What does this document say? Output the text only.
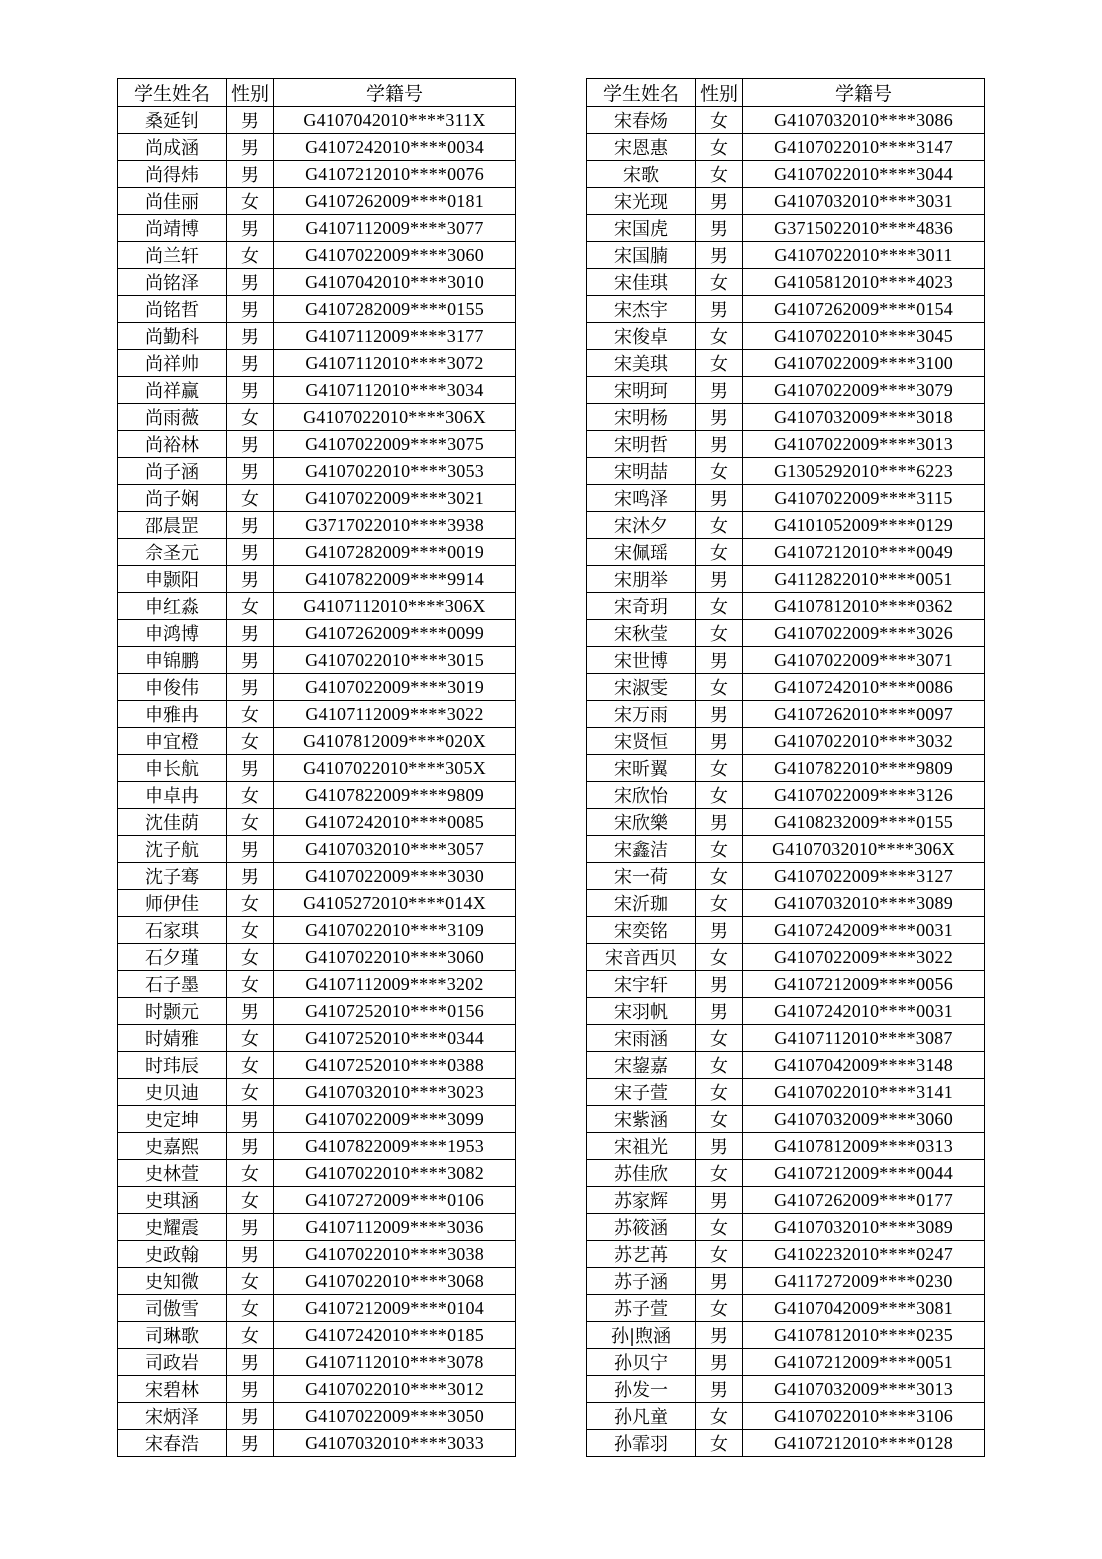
学生姓名	性别	学籍号
桑延钊	男	G4107042010****311X
尚成涵	男	G4107242010****0034
尚得炜	男	G4107212010****0076
尚佳丽	女	G4107262009****0181
尚靖博	男	G4107112009****3077
尚兰轩	女	G4107022009****3060
尚铭泽	男	G4107042010****3010
尚铭哲	男	G4107282009****0155
尚勤科	男	G4107112009****3177
尚祥帅	男	G4107112010****3072
尚祥赢	男	G4107112010****3034
尚雨薇	女	G4107022010****306X
尚裕林	男	G4107022009****3075
尚子涵	男	G4107022010****3053
尚子娴	女	G4107022009****3021
邵晨罡	男	G3717022010****3938
佘圣元	男	G4107282009****0019
申颢阳	男	G4107822009****9914
申红淼	女	G4107112010****306X
申鸿博	男	G4107262009****0099
申锦鹏	男	G4107022010****3015
申俊伟	男	G4107022009****3019
申雅冉	女	G4107112009****3022
申宜橙	女	G4107812009****020X
申长航	男	G4107022010****305X
申卓冉	女	G4107822009****9809
沈佳荫	女	G4107242010****0085
沈子航	男	G4107032010****3057
沈子骞	男	G4107022009****3030
师伊佳	女	G4105272010****014X
石家琪	女	G4107022010****3109
石夕瑾	女	G4107022010****3060
石子墨	女	G4107112009****3202
时颢元	男	G4107252010****0156
时婧雅	女	G4107252010****0344
时玮辰	女	G4107252010****0388
史贝迪	女	G4107032010****3023
史定坤	男	G4107022009****3099
史嘉熙	男	G4107822009****1953
史林萱	女	G4107022010****3082
史琪涵	女	G4107272009****0106
史耀震	男	G4107112009****3036
史政翰	男	G4107022010****3038
史知微	女	G4107022010****3068
司傲雪	女	G4107212009****0104
司琳歌	女	G4107242010****0185
司政岩	男	G4107112010****3078
宋碧林	男	G4107022010****3012
宋炳泽	男	G4107022009****3050
宋春浩	男	G4107032010****3033
学生姓名	性别	学籍号
宋春炀	女	G4107032010****3086
宋恩惠	女	G4107022010****3147
宋歌	女	G4107022010****3044
宋光现	男	G4107032010****3031
宋国虎	男	G3715022010****4836
宋国腩	男	G4107022010****3011
宋佳琪	女	G4105812010****4023
宋杰宇	男	G4107262009****0154
宋俊卓	女	G4107022010****3045
宋美琪	女	G4107022009****3100
宋明珂	男	G4107022009****3079
宋明杨	男	G4107032009****3018
宋明哲	男	G4107022009****3013
宋明喆	女	G1305292010****6223
宋鸣泽	男	G4107022009****3115
宋沐夕	女	G4101052009****0129
宋佩瑶	女	G4107212010****0049
宋朋举	男	G4112822010****0051
宋奇玥	女	G4107812010****0362
宋秋莹	女	G4107022009****3026
宋世博	男	G4107022009****3071
宋淑雯	女	G4107242010****0086
宋万雨	男	G4107262010****0097
宋贤恒	男	G4107022010****3032
宋昕翼	女	G4107822010****9809
宋欣怡	女	G4107022009****3126
宋欣樂	男	G4108232009****0155
宋鑫洁	女	G4107032010****306X
宋一荷	女	G4107022009****3127
宋沂珈	女	G4107032010****3089
宋奕铭	男	G4107242009****0031
宋音西贝	女	G4107022009****3022
宋宇轩	男	G4107212009****0056
宋羽帆	男	G4107242010****0031
宋雨涵	女	G4107112010****3087
宋鋆嘉	女	G4107042009****3148
宋子萱	女	G4107022010****3141
宋紫涵	女	G4107032009****3060
宋祖光	男	G4107812009****0313
苏佳欣	女	G4107212009****0044
苏家辉	男	G4107262009****0177
苏筱涵	女	G4107032010****3089
苏艺苒	女	G4102232010****0247
苏子涵	男	G4117272009****0230
苏子萱	女	G4107042009****3081
孙|煦涵	男	G4107812010****0235
孙贝宁	男	G4107212009****0051
孙发一	男	G4107032009****3013
孙凡童	女	G4107022010****3106
孙霏羽	女	G4107212010****0128
